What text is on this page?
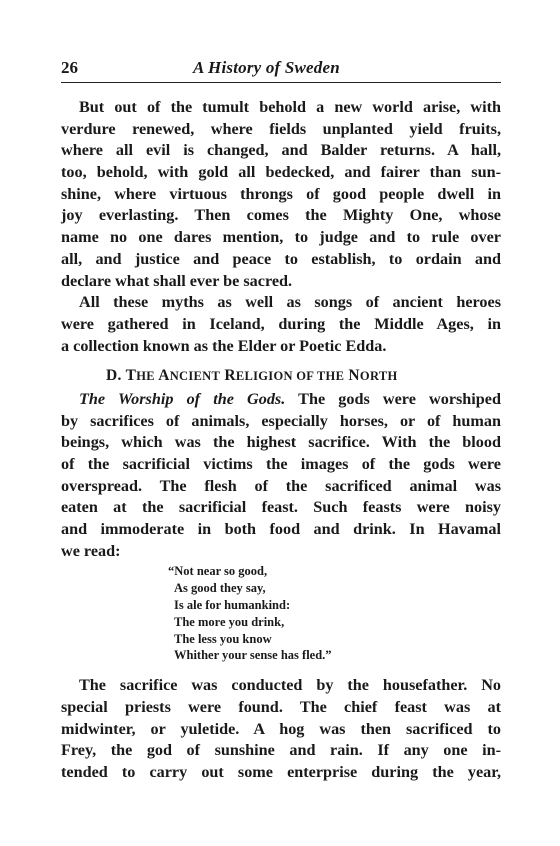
26	A History of Sweden
But out of the tumult behold a new world arise, with
verdure renewed, where fields unplanted yield fruits,
where all evil is changed, and Balder returns. A hall,
too, behold, with gold all bedecked, and fairer than sun-
shine, where virtuous throngs of good people dwell in
joy everlasting. Then comes the Mighty One, whose
name no one dares mention, to judge and to rule over
all, and justice and peace to establish, to ordain and
declare what shall ever be sacred.
All these myths as well as songs of ancient heroes
were gathered in Iceland, during the Middle Ages, in
a collection known as the Elder or Poetic Edda.
D. THE ANCIENT RELIGION OF THE NORTH
The Worship of the Gods. The gods were worshiped
by sacrifices of animals, especially horses, or of human
beings, which was the highest sacrifice. With the blood
of the sacrificial victims the images of the gods were
overspread. The flesh of the sacrificed animal was
eaten at the sacrificial feast. Such feasts were noisy
and immoderate in both food and drink. In Havamal
we read:
“Not near so good,
As good they say,
Is ale for humankind:
The more you drink,
The less you know
Whither your sense has fled.”
The sacrifice was conducted by the housefather. No
special priests were found. The chief feast was at
midwinter, or yuletide. A hog was then sacrificed to
Frey, the god of sunshine and rain. If any one in-
tended to carry out some enterprise during the year,
